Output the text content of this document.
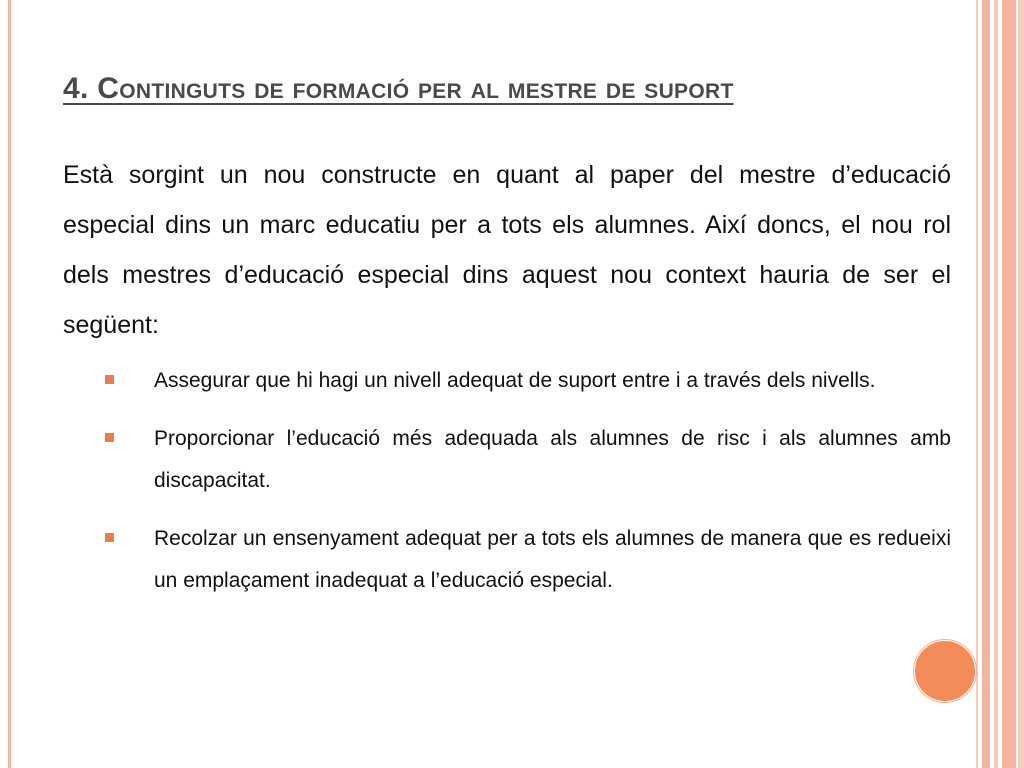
4. Continguts de formació per al mestre de suport

Està sorgint un nou constructe en quant al paper del mestre d’educació especial dins un marc educatiu per a tots els alumnes. Així doncs, el nou rol dels mestres d’educació especial dins aquest nou context hauria de ser el següent:

Assegurar que hi hagi un nivell adequat de suport entre i a través dels nivells.
Proporcionar l’educació més adequada als alumnes de risc i als alumnes amb discapacitat.
Recolzar un ensenyament adequat per a tots els alumnes de manera que es redueixi un emplaçament inadequat a l’educació especial.
